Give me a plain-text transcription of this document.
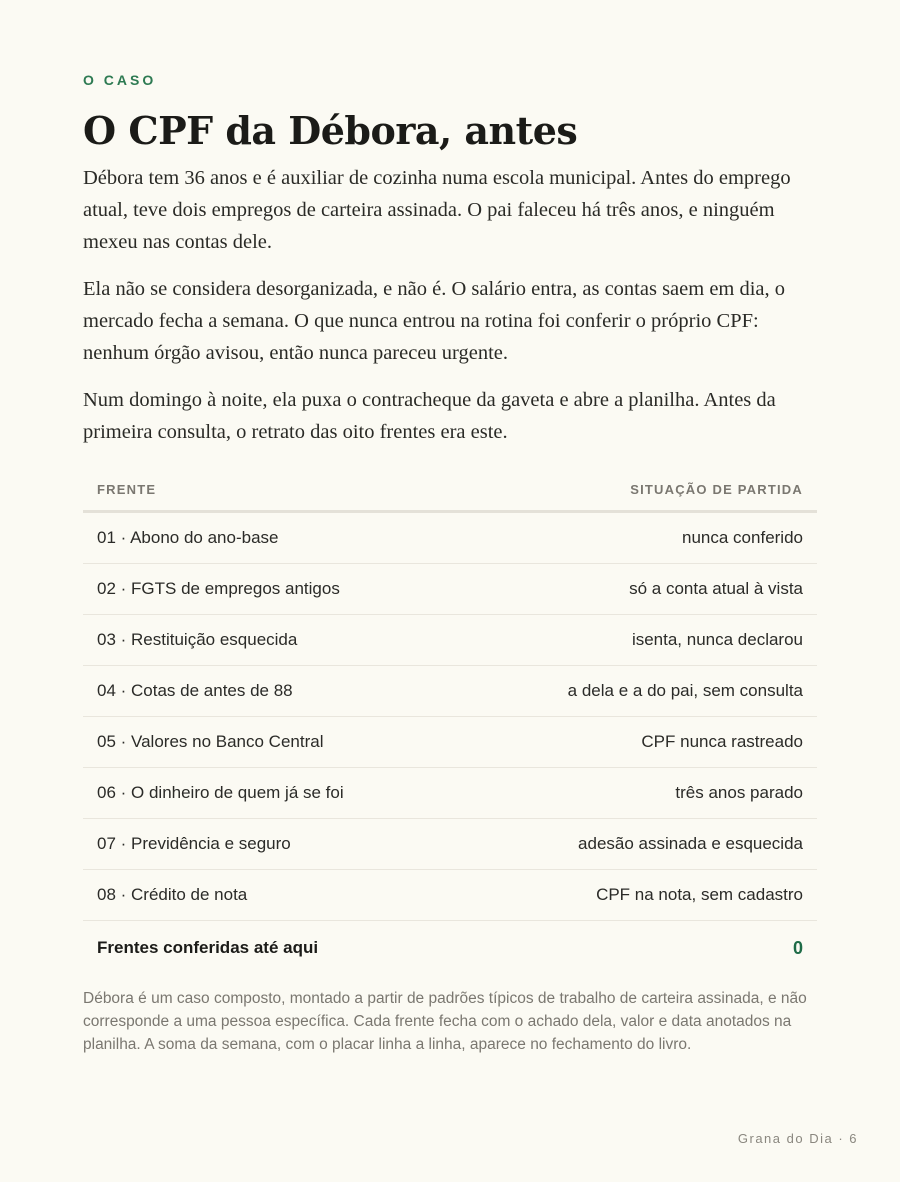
O CASO
O CPF da Débora, antes

Débora tem 36 anos e é auxiliar de cozinha numa escola municipal. Antes do emprego atual, teve dois empregos de carteira assinada. O pai faleceu há três anos, e ninguém mexeu nas contas dele.

Ela não se considera desorganizada, e não é. O salário entra, as contas saem em dia, o mercado fecha a semana. O que nunca entrou na rotina foi conferir o próprio CPF: nenhum órgão avisou, então nunca pareceu urgente.

Num domingo à noite, ela puxa o contracheque da gaveta e abre a planilha. Antes da primeira consulta, o retrato das oito frentes era este.

FRENTE	SITUAÇÃO DE PARTIDA
01 · Abono do ano-base	nunca conferido
02 · FGTS de empregos antigos	só a conta atual à vista
03 · Restituição esquecida	isenta, nunca declarou
04 · Cotas de antes de 88	a dela e a do pai, sem consulta
05 · Valores no Banco Central	CPF nunca rastreado
06 · O dinheiro de quem já se foi	três anos parado
07 · Previdência e seguro	adesão assinada e esquecida
08 · Crédito de nota	CPF na nota, sem cadastro
Frentes conferidas até aqui	0
Débora é um caso composto, montado a partir de padrões típicos de trabalho de carteira assinada, e não corresponde a uma pessoa específica. Cada frente fecha com o achado dela, valor e data anotados na planilha. A soma da semana, com o placar linha a linha, aparece no fechamento do livro.
Grana do Dia · 6
